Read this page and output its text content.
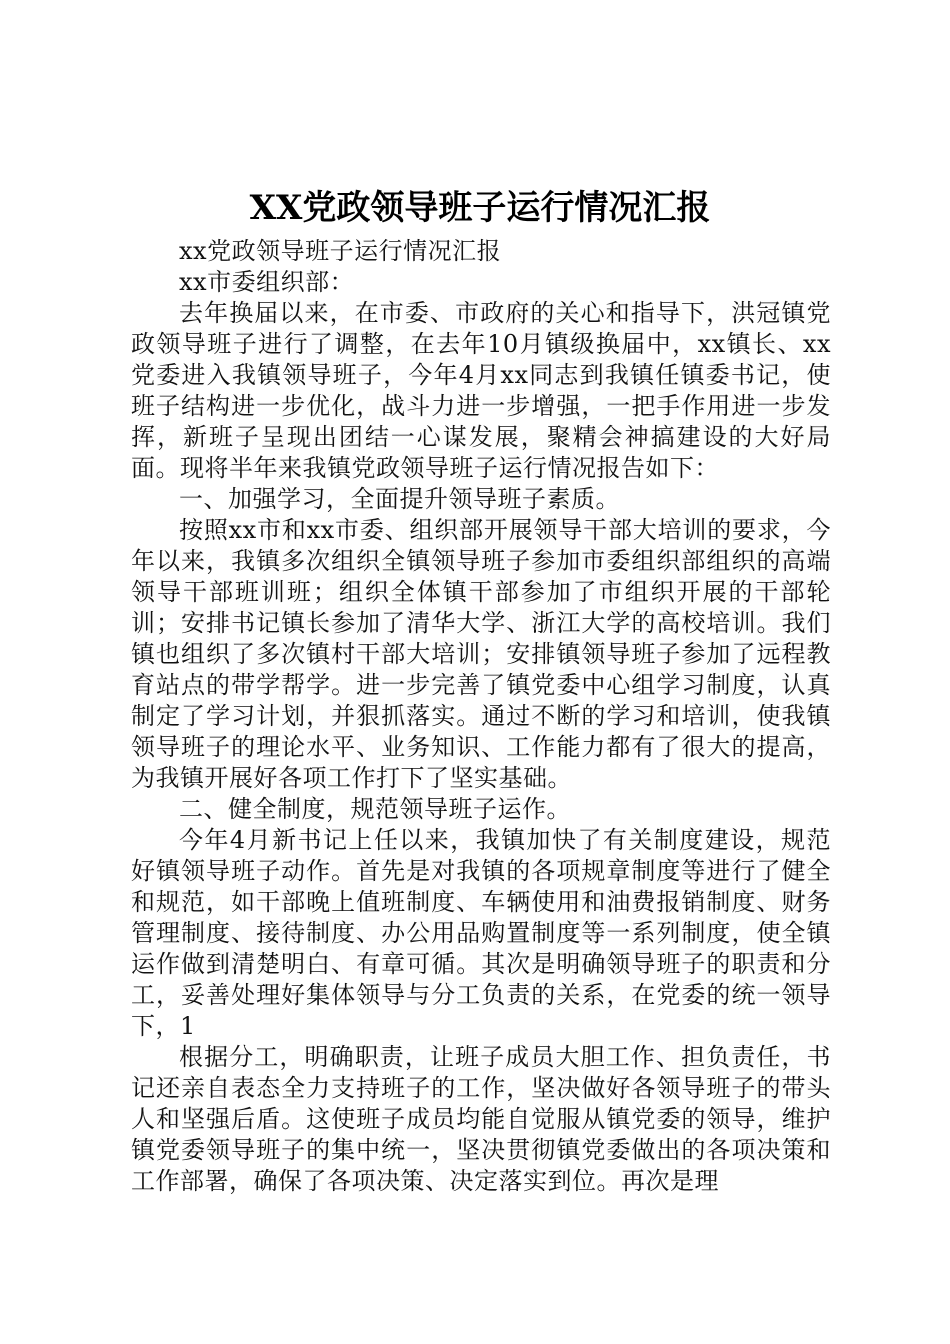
XX党政领导班子运行情况汇报

xx党政领导班子运行情况汇报

xx市委组织部：

去年换届以来，在市委、市政府的关心和指导下，洪冠镇党政领导班子进行了调整，在去年10月镇级换届中，xx镇长、xx党委进入我镇领导班子，今年4月xx同志到我镇任镇委书记，使班子结构进一步优化，战斗力进一步增强，一把手作用进一步发挥，新班子呈现出团结一心谋发展，聚精会神搞建设的大好局面。现将半年来我镇党政领导班子运行情况报告如下：

一、加强学习，全面提升领导班子素质。

按照xx市和xx市委、组织部开展领导干部大培训的要求，今年以来，我镇多次组织全镇领导班子参加市委组织部组织的高端领导干部班训班；组织全体镇干部参加了市组织开展的干部轮训；安排书记镇长参加了清华大学、浙江大学的高校培训。我们镇也组织了多次镇村干部大培训；安排镇领导班子参加了远程教育站点的带学帮学。进一步完善了镇党委中心组学习制度，认真制定了学习计划，并狠抓落实。通过不断的学习和培训，使我镇领导班子的理论水平、业务知识、工作能力都有了很大的提高，为我镇开展好各项工作打下了坚实基础。

二、健全制度，规范领导班子运作。

今年4月新书记上任以来，我镇加快了有关制度建设，规范好镇领导班子动作。首先是对我镇的各项规章制度等进行了健全和规范，如干部晚上值班制度、车辆使用和油费报销制度、财务管理制度、接待制度、办公用品购置制度等一系列制度，使全镇运作做到清楚明白、有章可循。其次是明确领导班子的职责和分工，妥善处理好集体领导与分工负责的关系，在党委的统一领导下，1

根据分工，明确职责，让班子成员大胆工作、担负责任，书记还亲自表态全力支持班子的工作，坚决做好各领导班子的带头人和坚强后盾。这使班子成员均能自觉服从镇党委的领导，维护镇党委领导班子的集中统一，坚决贯彻镇党委做出的各项决策和工作部署，确保了各项决策、决定落实到位。再次是理
